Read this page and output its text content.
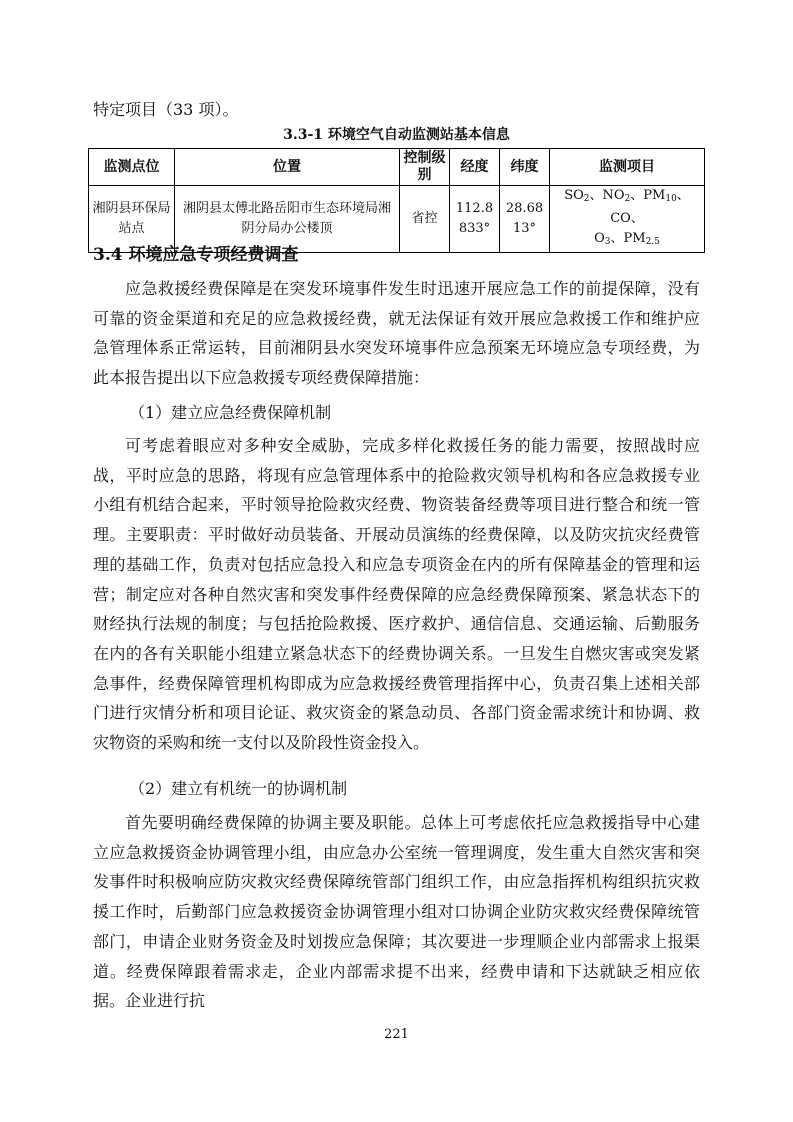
特定项目（33 项）。
3.3-1 环境空气自动监测站基本信息
监测点位	位置	控制级别	经度	纬度	监测项目
湘阴县环保局站点	湘阴县太傅北路岳阳市生态环境局湘阴分局办公楼顶	省控	112.8833°	28.6813°	$SO_2$、$NO_2$、$PM_{10}$、CO、
$O_3$、$PM_{2.5}$
3.4 环境应急专项经费调查

应急救援经费保障是在突发环境事件发生时迅速开展应急工作的前提保障，没有可靠的资金渠道和充足的应急救援经费，就无法保证有效开展应急救援工作和维护应急管理体系正常运转，目前湘阴县水突发环境事件应急预案无环境应急专项经费，为此本报告提出以下应急救援专项经费保障措施：

（1）建立应急经费保障机制

可考虑着眼应对多种安全威胁，完成多样化救援任务的能力需要，按照战时应战，平时应急的思路，将现有应急管理体系中的抢险救灾领导机构和各应急救援专业小组有机结合起来，平时领导抢险救灾经费、物资装备经费等项目进行整合和统一管理。主要职责：平时做好动员装备、开展动员演练的经费保障，以及防灾抗灾经费管理的基础工作，负责对包括应急投入和应急专项资金在内的所有保障基金的管理和运营；制定应对各种自然灾害和突发事件经费保障的应急经费保障预案、紧急状态下的财经执行法规的制度；与包括抢险救援、医疗救护、通信信息、交通运输、后勤服务在内的各有关职能小组建立紧急状态下的经费协调关系。一旦发生自燃灾害或突发紧急事件，经费保障管理机构即成为应急救援经费管理指挥中心，负责召集上述相关部门进行灾情分析和项目论证、救灾资金的紧急动员、各部门资金需求统计和协调、救灾物资的采购和统一支付以及阶段性资金投入。

（2）建立有机统一的协调机制

首先要明确经费保障的协调主要及职能。总体上可考虑依托应急救援指导中心建立应急救援资金协调管理小组，由应急办公室统一管理调度，发生重大自然灾害和突发事件时积极响应防灾救灾经费保障统管部门组织工作，由应急指挥机构组织抗灾救援工作时，后勤部门应急救援资金协调管理小组对口协调企业防灾救灾经费保障统管部门，申请企业财务资金及时划拨应急保障；其次要进一步理顺企业内部需求上报渠道。经费保障跟着需求走，企业内部需求提不出来，经费申请和下达就缺乏相应依据。企业进行抗

221
